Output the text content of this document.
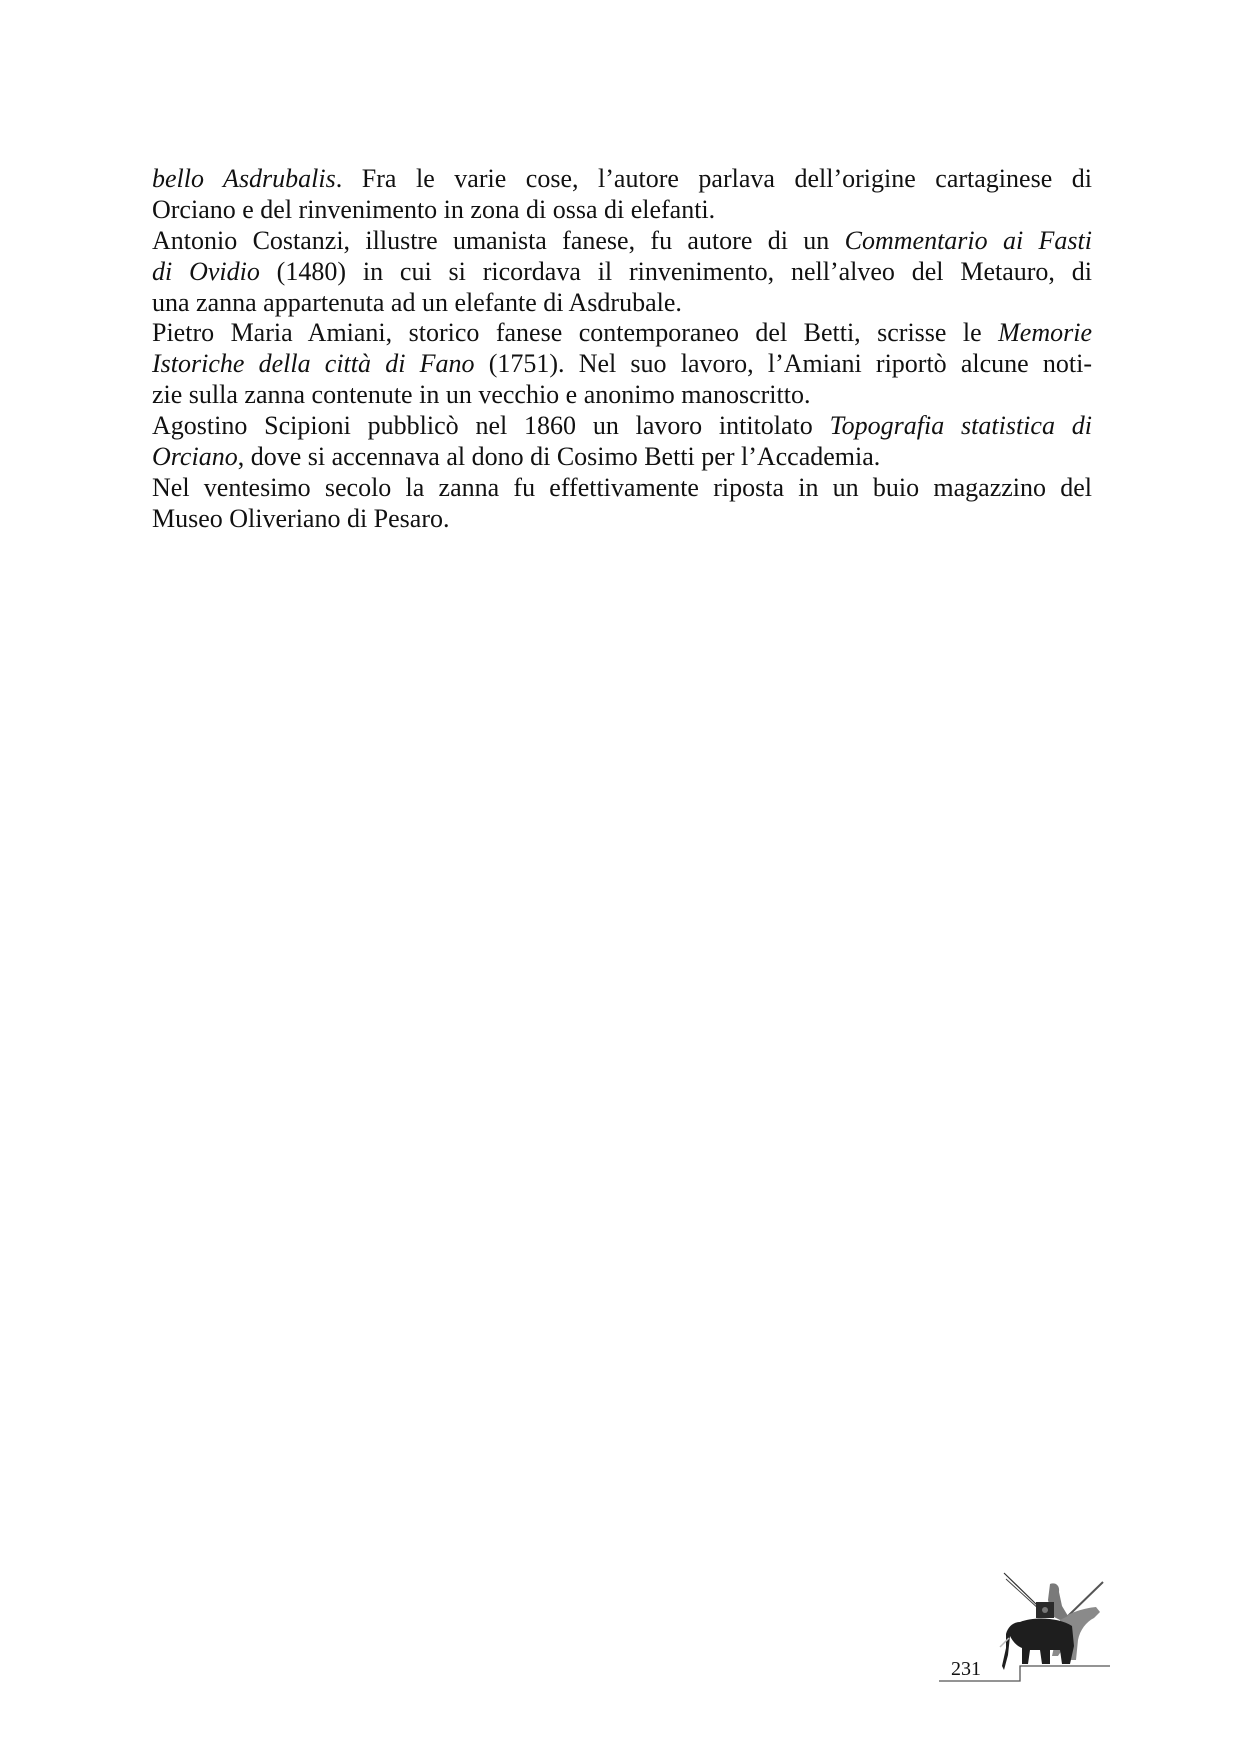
bello Asdrubalis. Fra le varie cose, l’autore parlava dell’origine cartaginese di
Orciano e del rinvenimento in zona di ossa di elefanti.
Antonio Costanzi, illustre umanista fanese, fu autore di un Commentario ai Fasti
di Ovidio (1480) in cui si ricordava il rinvenimento, nell’alveo del Metauro, di
una zanna appartenuta ad un elefante di Asdrubale.
Pietro Maria Amiani, storico fanese contemporaneo del Betti, scrisse le Memorie
Istoriche della città di Fano (1751). Nel suo lavoro, l’Amiani riportò alcune noti-
zie sulla zanna contenute in un vecchio e anonimo manoscritto.
Agostino Scipioni pubblicò nel 1860 un lavoro intitolato Topografia statistica di
Orciano, dove si accennava al dono di Cosimo Betti per l’Accademia.
Nel ventesimo secolo la zanna fu effettivamente riposta in un buio magazzino del
Museo Oliveriano di Pesaro.
231
